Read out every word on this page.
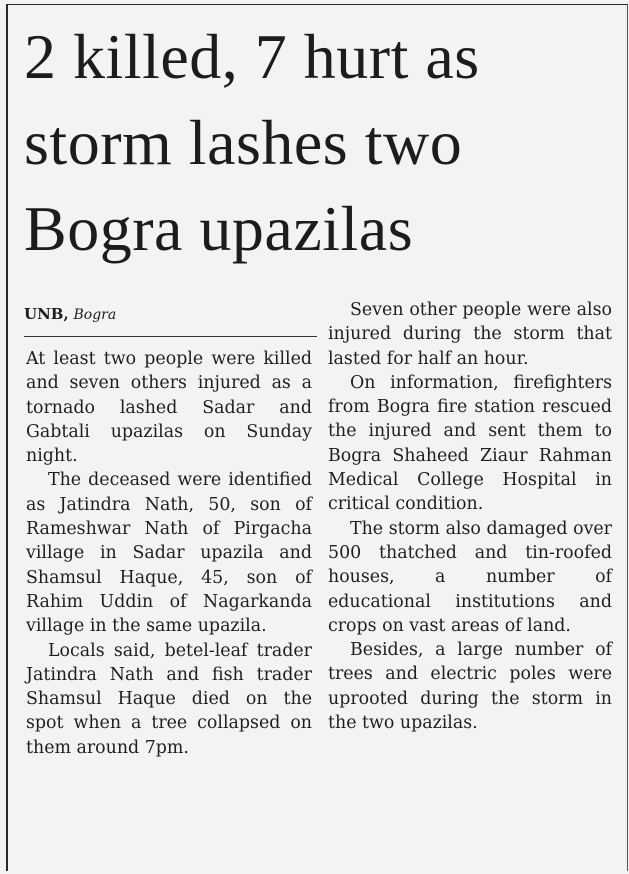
2 killed, 7 hurt as storm lashes two Bogra upazilas
UNB, Bogra

At least two people were killed and seven others injured as a tornado lashed Sadar and Gabtali upazilas on Sunday night.

The deceased were identified as Jatindra Nath, 50, son of Rameshwar Nath of Pirgacha village in Sadar upazila and Shamsul Haque, 45, son of Rahim Uddin of Nagarkanda village in the same upazila.

Locals said, betel-leaf trader Jatindra Nath and fish trader Shamsul Haque died on the spot when a tree collapsed on them around 7pm.

Seven other people were also injured during the storm that lasted for half an hour.

On information, firefighters from Bogra fire station rescued the injured and sent them to Bogra Shaheed Ziaur Rahman Medical College Hospital in critical condition.

The storm also damaged over 500 thatched and tin-roofed houses, a number of educational institutions and crops on vast areas of land.

Besides, a large number of trees and electric poles were uprooted during the storm in the two upazilas.
